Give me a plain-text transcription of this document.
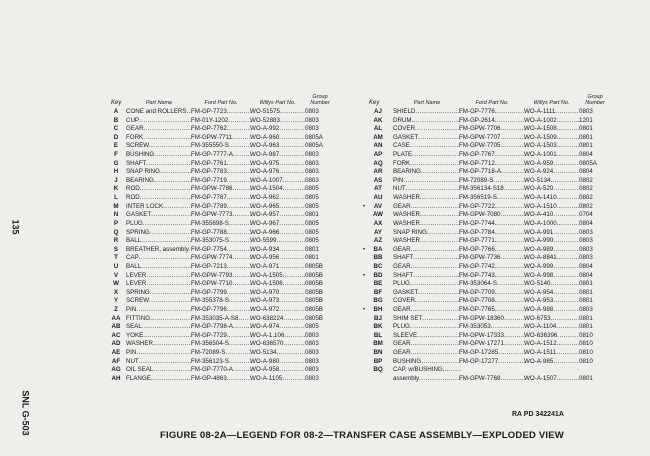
135
SNL G-503
Key	Part Name	Ford Part No.	Willys Part No.
Group Number
A	CONE and ROLLERS ..... FM-GP-7723 .....	WO-51575 .....	0803
B	CUP .....	FM-01Y-1202 .....	WO-52883 .....	0803
C	GEAR .....	FM-GP-7762 .....	WO-A-992 .....	0803
D	FORK .....	FM-GPW-7711 .....	WO-A-960 .....	0805A
E	SCREW .....	FM-355550-S .....	WO-A-963 .....	0805A
F	BUSHING .....	FM-GP-7777-A .....	WO-A-987 .....	0803
G	SHAFT .....	FM-GP-7761 .....	WO-A-975 .....	0803
H	SNAP RING .....	FM-GP-7783 .....	WO-A-976 .....	0803
J	BEARING .....	FM-GP-7719 .....	WO-A-1007 .....	0803
K	ROD .....	FM-GPW-7786 .....	WO-A-1504 .....	0805
L	ROD .....	FM-GP-7787 .....	WO-A-962 .....	0805
M	INTER LOCK .....	FM-GP-7789 .....	WO-A-965 .....	0805
N	GASKET .....	FM-GPW-7773 .....	WO-A-957 .....	0801
P	PLUG .....	FM-355698-S .....	WO-A-967 .....	0805
Q	SPRING .....	FM-GP-7788 .....	WO-A-966 .....	0805
R	BALL .....	FM-353075-S .....	WO-5599 .....	0805
S	BREATHER, assembly ..... FM-GP-7754 .....	WO-A-934 .....	0801
T	CAP .....	FM-GPW-7774 .....	WO-A-956 .....	0801
U	BALL .....	FM-GP-7213 .....	WO-A-971 .....	0805B
V	LEVER .....	FM-GPW-7793 .....	WO-A-1505 .....	0805B
W	LEVER .....	FM-GPW-7710 .....	WO-A-1506 .....	0805B
X	SPRING .....	FM-GP-7799 .....	WO-A-970 .....	0805B
Y	SCREW .....	FM-355378-S .....	WO-A-973 .....	0805B
Z	PIN .....	FM-GP-7796 .....	WO-A-972 .....	0805B
AA FITTING .....	FM-353035-A-S8 .....	WO-638224 .....	0805B
AB SEAL .....	FM-GP-7798-A .....	WO-A-974 .....	0805
AC YOKE .....	FM-GP-7729 .....	WO-A-1,106 .....	0803
AD WASHER .....	FM-356504-S .....	WO-636570 .....	0803
AE PIN .....	FM-72089-S .....	WO-5134 .....	0803
AF NUT .....	FM-356123-S .....	WO-A-980 .....	0803
AG OIL SEAL .....	FM-GP-7770-A .....	WO-A-958 .....	0803
AH FLANGE .....	FM-GP-4863 .....	WO-A-1105 .....	0803
Key	Part Name	Ford Part No.	Willys Part No.
Group Number
AJ	SHIELD .....	FM-GP-7776 .....	WO-A-1111 .....	0803
AK	DRUM .....	FM-GP-2614 .....	WO-A-1002 .....	1201
AL	COVER .....	FM-GPW-7706 .....	WO-A-1508 .....	0801
AM	GASKET .....	FM-GPW-7707 .....	WO-A-1509 .....	0801
AN	CASE .....	FM-GPW-7705 .....	WO-A-1503 .....	0801
AP	PLATE .....	FM-GP-7767 .....	WO-A-1001 .....	0804
AQ	FORK .....	FM-GP-7712 .....	WO-A-959 .....	0805A
AR	BEARING .....	FM-GP-7718-A .....	WO-A-924 .....	0804
AS	PIN .....	FM-72089-S .....	WO-5134 .....	0802
AT	NUT .....	FM-356134-S18 .....	WO-A-520 .....	0802
AU	WASHER .....	FM-356519-S .....	WO-A-1410 .....	0802
•	AV	GEAR .....	FM-GP-7722 .....	WO-A-1510 .....	0802
AW	WASHER .....	FM-GPW-7080 .....	WO-A-410 .....	0704
AX	WASHER .....	FM-GP-7744 .....	WO-A-1000 .....	0804
AY	SNAP RING .....	FM-GP-7784 .....	WO-A-991 .....	0803
AZ	WASHER .....	FM-GP-7771 .....	WO-A-990 .....	0803
•	BA	GEAR .....	FM-GP-7766 .....	WO-A-989 .....	0803
BB	SHAFT .....	FM-GPW-7736 .....	WO-A-8841 .....	0803
BC	GEAR .....	FM-GP-7742 .....	WO-A-999 .....	0804
•	BD	SHAFT .....	FM-GP-7743 .....	WO-A-998 .....	0804
BE	PLUG .....	FM-353064-S .....	WO-5140 .....	0801
BF	GASKET .....	FM-GP-7709 .....	WO-A-954 .....	0801
BG	COVER .....	FM-GP-7708 .....	WO-A-953 .....	0801
•	BH	GEAR .....	FM-GP-7765 .....	WO-A-988 .....	0803
BJ	SHIM SET .....	FM-GPW-18360 .....	WO-6753 .....	0801
BK	PLUG .....	FM-353053 .....	WO-A-1104 .....	0801
BL	SLEEVE .....	FM-GPW-17333 .....	WO-636396 .....	0810
BM	GEAR .....	FM-GPW-17271 .....	WO-A-1512 .....	0810
BN	GEAR .....	FM-GP-17285 .....	WO-A-1511 .....	0810
BP	BUSHING .....	FM-GP-17277 .....	WO-A-985 .....	0810
BQ	CAP, w/BUSHING, .....
assembly .....	FM-GPW-7768 .....	WO-A-1507 .....	0801
RA PD 342241A
FIGURE 08-2A—LEGEND FOR 08-2—TRANSFER CASE ASSEMBLY—EXPLODED VIEW
